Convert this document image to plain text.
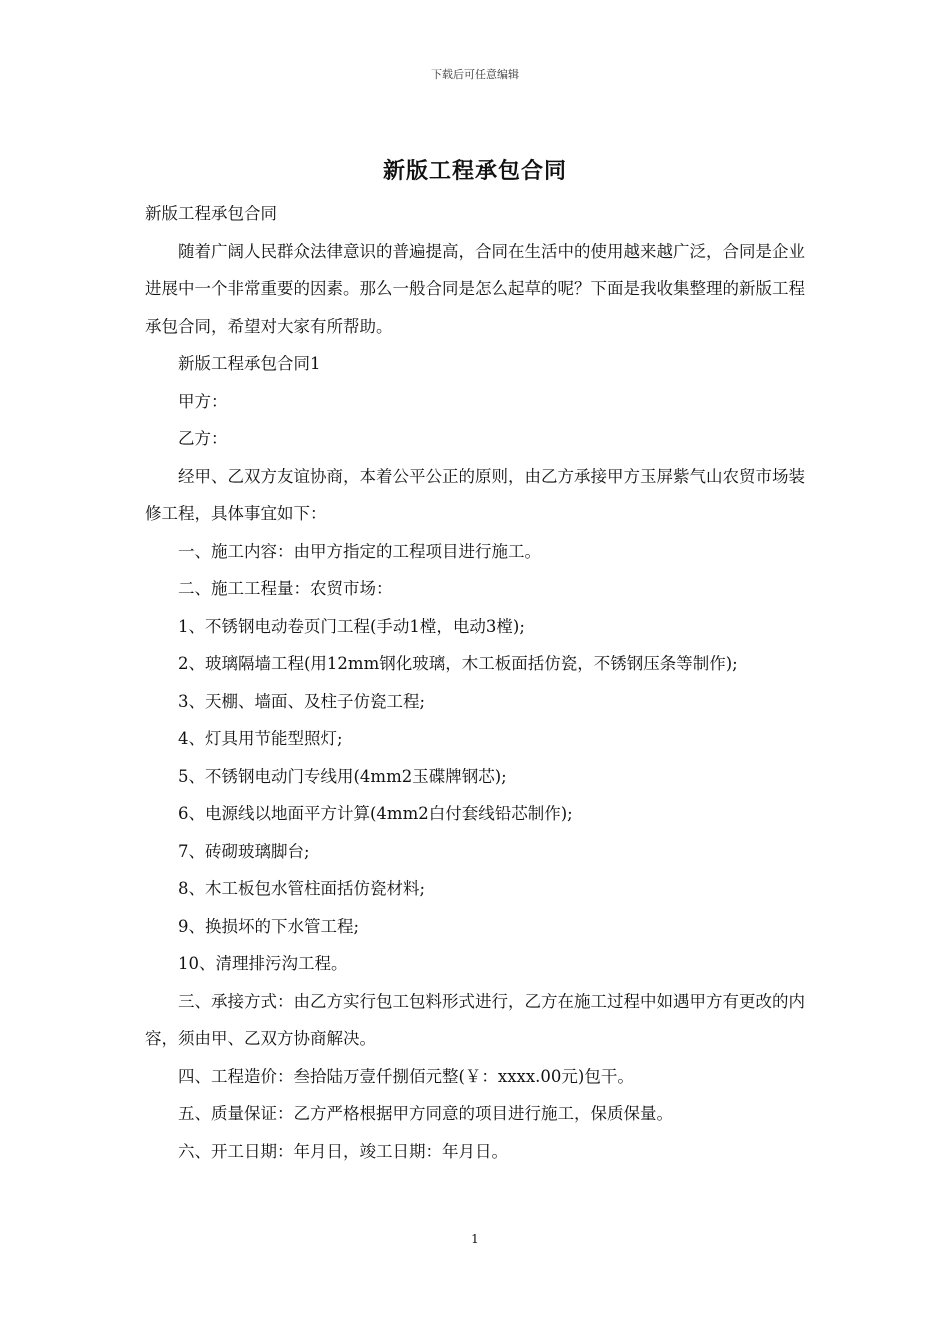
下载后可任意编辑
新版工程承包合同

新版工程承包合同

随着广阔人民群众法律意识的普遍提高，合同在生活中的使用越来越广泛，合同是企业进展中一个非常重要的因素。那么一般合同是怎么起草的呢？下面是我收集整理的新版工程承包合同，希望对大家有所帮助。

新版工程承包合同1

甲方：

乙方：

经甲、乙双方友谊协商，本着公平公正的原则，由乙方承接甲方玉屏紫气山农贸市场装修工程，具体事宜如下：

一、施工内容：由甲方指定的工程项目进行施工。

二、施工工程量：农贸市场：

1、不锈钢电动卷页门工程(手动1樘，电动3樘);

2、玻璃隔墙工程(用12mm钢化玻璃，木工板面括仿瓷，不锈钢压条等制作);

3、天棚、墙面、及柱子仿瓷工程;

4、灯具用节能型照灯;

5、不锈钢电动门专线用(4mm2玉碟牌钢芯);

6、电源线以地面平方计算(4mm2白付套线铅芯制作);

7、砖砌玻璃脚台;

8、木工板包水管柱面括仿瓷材料;

9、换损坏的下水管工程;

10、清理排污沟工程。

三、承接方式：由乙方实行包工包料形式进行，乙方在施工过程中如遇甲方有更改的内容，须由甲、乙双方协商解决。

四、工程造价：叁拾陆万壹仟捌佰元整(￥：xxxx.00元)包干。

五、质量保证：乙方严格根据甲方同意的项目进行施工，保质保量。

六、开工日期：年月日，竣工日期：年月日。

1
